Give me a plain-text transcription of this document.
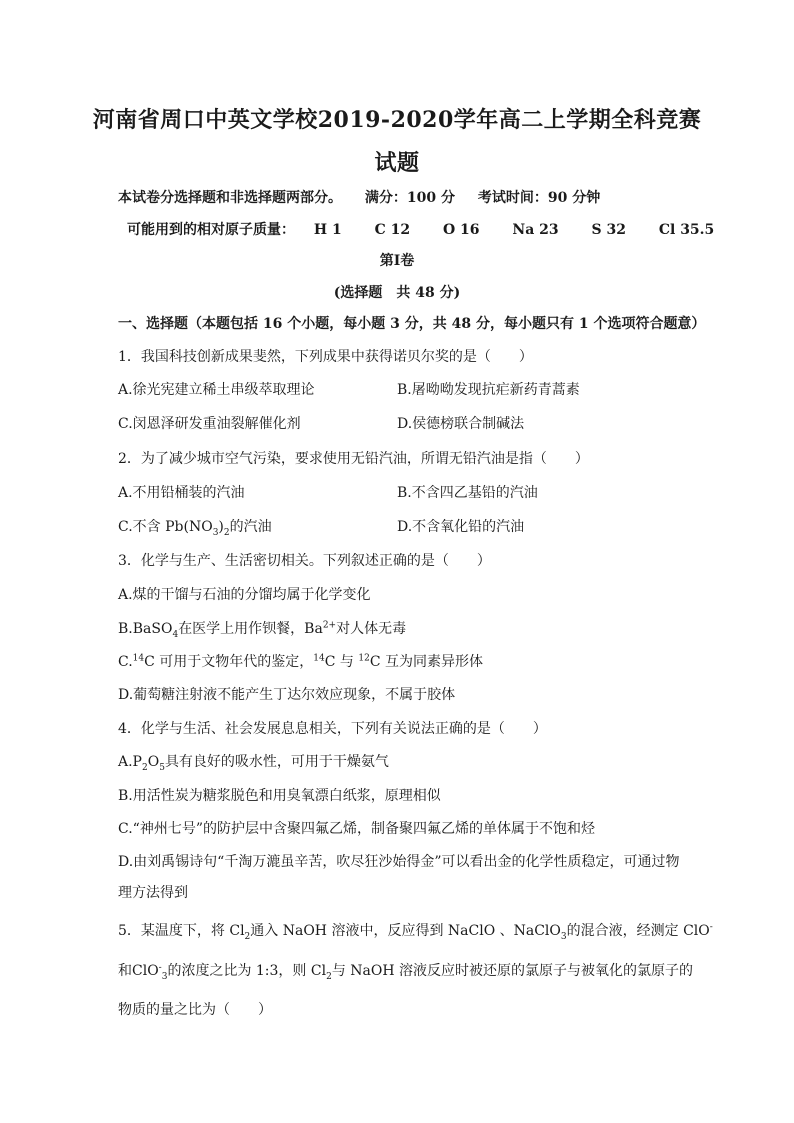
河南省周口中英文学校2019-2020学年高二上学期全科竞赛
试题
本试卷分选择题和非选择题两部分。 满分：100 分 考试时间：90 分钟
可能用到的相对原子质量： H 1 C 12 O 16 Na 23 S 32 Cl 35.5
第Ⅰ卷
(选择题　共 48 分)
一、选择题（本题包括 16 个小题，每小题 3 分，共 48 分，每小题只有 1 个选项符合题意）
1．我国科技创新成果斐然，下列成果中获得诺贝尔奖的是（　　）
A.徐光宪建立稀土串级萃取理论	B.屠呦呦发现抗疟新药青蒿素
C.闵恩泽研发重油裂解催化剂	D.侯德榜联合制碱法
2．为了减少城市空气污染，要求使用无铅汽油，所谓无铅汽油是指（　　）
A.不用铅桶装的汽油	B.不含四乙基铅的汽油
C.不含 $Pb(NO_3)_2$的汽油	D.不含氧化铅的汽油
3．化学与生产、生活密切相关。下列叙述正确的是（　　）
A.煤的干馏与石油的分馏均属于化学变化
B.BaSO$_4$在医学上用作钡餐，$Ba^{2+}$对人体无毒
C.$^{14}$C 可用于文物年代的鉴定，$^{14}$C 与 $^{12}$C 互为同素异形体
D.葡萄糖注射液不能产生丁达尔效应现象，不属于胶体
4．化学与生活、社会发展息息相关，下列有关说法正确的是（　　）
$A.P_2O_5$具有良好的吸水性，可用于干燥氨气
B.用活性炭为糖浆脱色和用臭氧漂白纸浆，原理相似
C.“神州七号”的防护层中含聚四氟乙烯，制备聚四氟乙烯的单体属于不饱和烃
D.由刘禹锡诗句“千淘万漉虽辛苦，吹尽狂沙始得金”可以看出金的化学性质稳定，可通过物
理方法得到
5．某温度下，将 $Cl_2$通入 NaOH 溶液中，反应得到 NaClO 、NaClO$_3$的混合液，经测定 ClO-
和ClO-$_3$的浓度之比为 1:3，则 $Cl_2$与 NaOH 溶液反应时被还原的氯原子与被氧化的氯原子的
物质的量之比为（　　）
